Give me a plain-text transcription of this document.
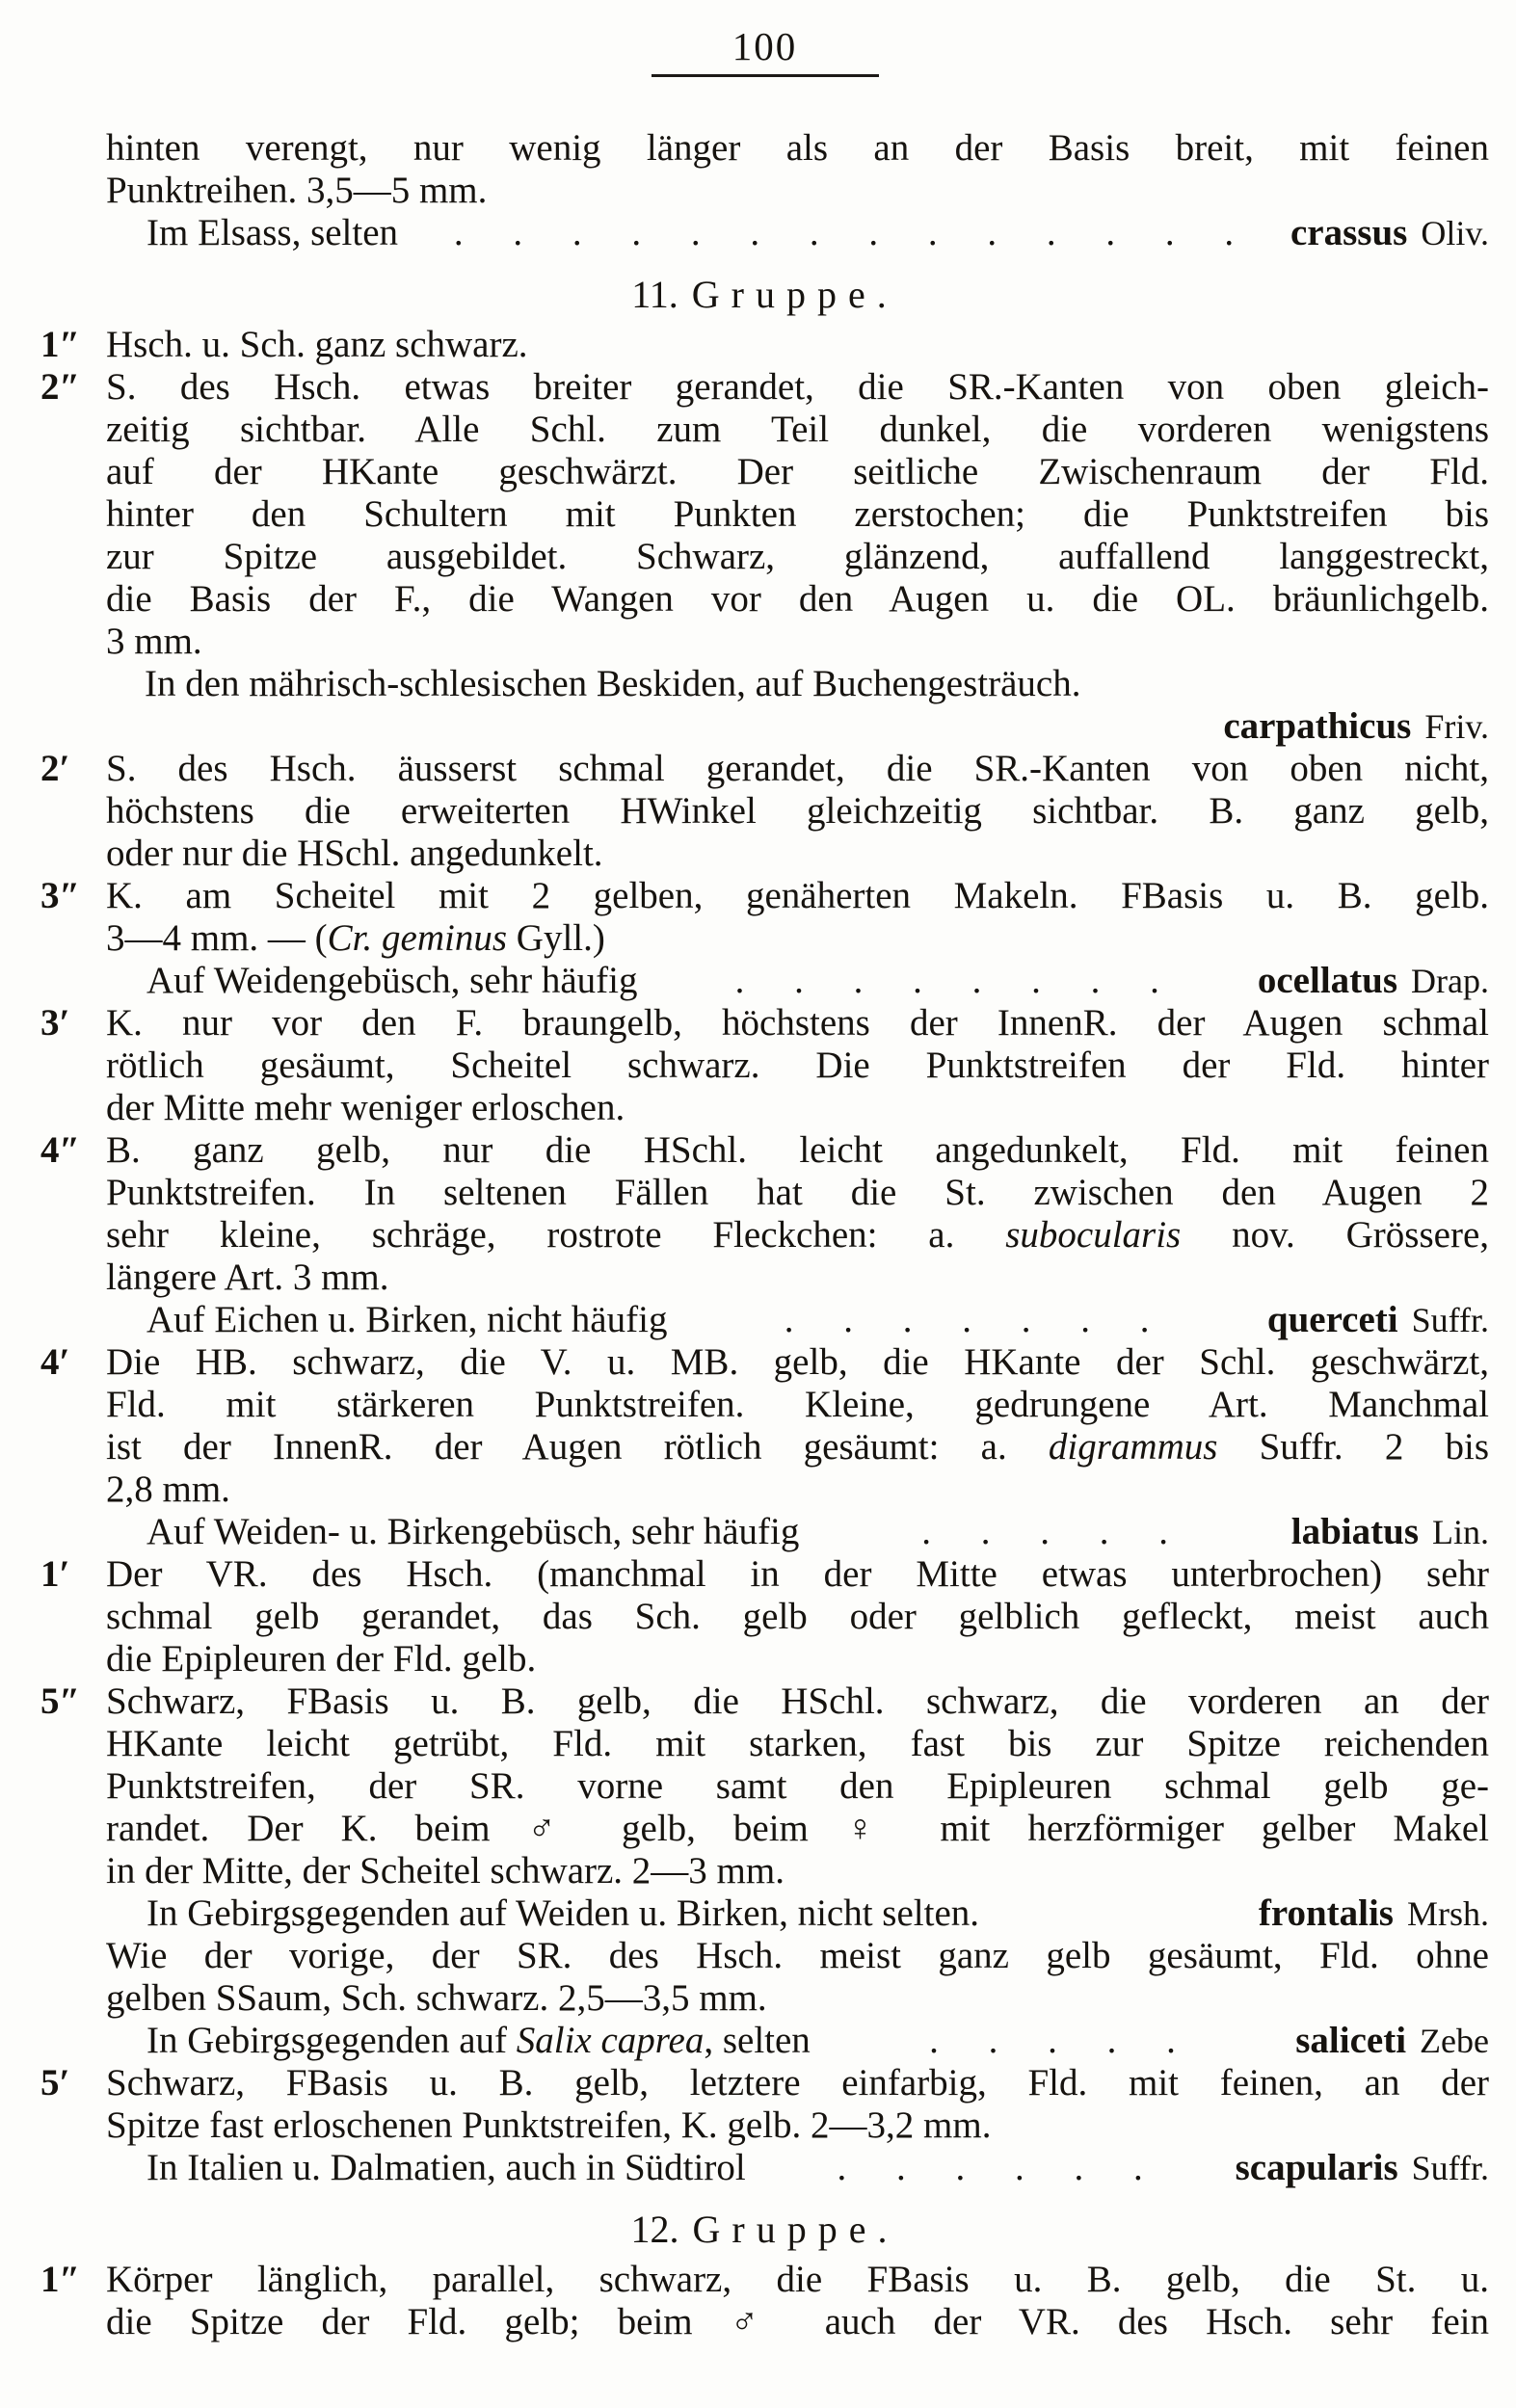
100
hinten verengt, nur wenig länger als an der Basis breit, mit feinen
Punktreihen. 3,5—5 mm.
Im Elsass, selten	. . . . . . . . . . . . . .	crassus Oliv.
11. Gruppe.
1″ Hsch. u. Sch. ganz schwarz.
2″ S. des Hsch. etwas breiter gerandet, die SR.-Kanten von oben gleich-
zeitig sichtbar. Alle Schl. zum Teil dunkel, die vorderen wenigstens
auf der HKante geschwärzt. Der seitliche Zwischenraum der Fld.
hinter den Schultern mit Punkten zerstochen; die Punktstreifen bis
zur Spitze ausgebildet. Schwarz, glänzend, auffallend langgestreckt,
die Basis der F., die Wangen vor den Augen u. die OL. bräunlichgelb.
3 mm.
In den mährisch-schlesischen Beskiden, auf Buchengesträuch.
carpathicus Friv.
2′ S. des Hsch. äusserst schmal gerandet, die SR.-Kanten von oben nicht,
höchstens die erweiterten HWinkel gleichzeitig sichtbar. B. ganz gelb,
oder nur die HSchl. angedunkelt.
3″ K. am Scheitel mit 2 gelben, genäherten Makeln. FBasis u. B. gelb.
3—4 mm. — (Cr. geminus Gyll.)
Auf Weidengebüsch, sehr häufig	. . . . . . . .	ocellatus Drap.
3′ K. nur vor den F. braungelb, höchstens der InnenR. der Augen schmal
rötlich gesäumt, Scheitel schwarz. Die Punktstreifen der Fld. hinter
der Mitte mehr weniger erloschen.
4″ B. ganz gelb, nur die HSchl. leicht angedunkelt, Fld. mit feinen
Punktstreifen. In seltenen Fällen hat die St. zwischen den Augen 2
sehr kleine, schräge, rostrote Fleckchen: a. subocularis nov. Grössere,
längere Art. 3 mm.
Auf Eichen u. Birken, nicht häufig	. . . . . . .	querceti Suffr.
4′ Die HB. schwarz, die V. u. MB. gelb, die HKante der Schl. geschwärzt,
Fld. mit stärkeren Punktstreifen. Kleine, gedrungene Art. Manchmal
ist der InnenR. der Augen rötlich gesäumt: a. digrammus Suffr. 2 bis
2,8 mm.
Auf Weiden- u. Birkengebüsch, sehr häufig	. . . . .	labiatus Lin.
1′ Der VR. des Hsch. (manchmal in der Mitte etwas unterbrochen) sehr
schmal gelb gerandet, das Sch. gelb oder gelblich gefleckt, meist auch
die Epipleuren der Fld. gelb.
5″ Schwarz, FBasis u. B. gelb, die HSchl. schwarz, die vorderen an der
HKante leicht getrübt, Fld. mit starken, fast bis zur Spitze reichenden
Punktstreifen, der SR. vorne samt den Epipleuren schmal gelb ge-
randet. Der K. beim ♂ gelb, beim ♀ mit herzförmiger gelber Makel
in der Mitte, der Scheitel schwarz. 2—3 mm.
In Gebirgsgegenden auf Weiden u. Birken, nicht selten.	frontalis Mrsh.
Wie der vorige, der SR. des Hsch. meist ganz gelb gesäumt, Fld. ohne
gelben SSaum, Sch. schwarz. 2,5—3,5 mm.
In Gebirgsgegenden auf Salix caprea, selten	. . . . .	saliceti Zebe
5′ Schwarz, FBasis u. B. gelb, letztere einfarbig, Fld. mit feinen, an der
Spitze fast erloschenen Punktstreifen, K. gelb. 2—3,2 mm.
In Italien u. Dalmatien, auch in Südtirol	. . . . . .	scapularis Suffr.
12. Gruppe.
1″ Körper länglich, parallel, schwarz, die FBasis u. B. gelb, die St. u.
die Spitze der Fld. gelb; beim ♂ auch der VR. des Hsch. sehr fein
